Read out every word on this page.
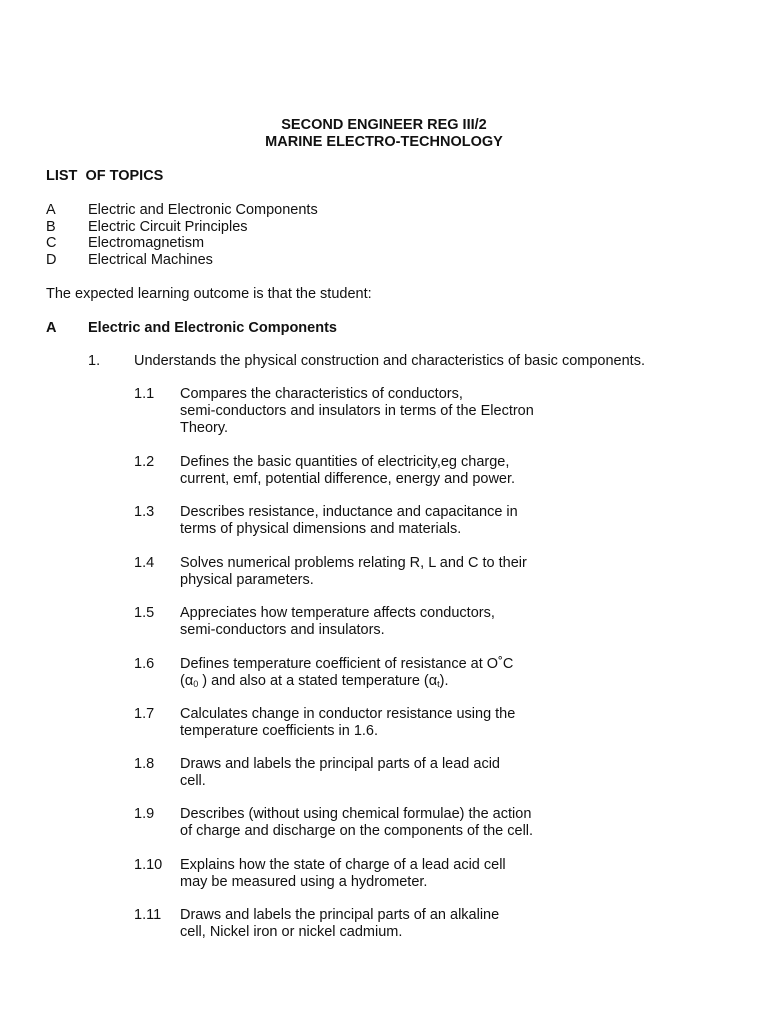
SECOND ENGINEER REG III/2
MARINE ELECTRO-TECHNOLOGY
LIST  OF TOPICS
A Electric and Electronic Components
B Electric Circuit Principles
C Electromagnetism
D Electrical Machines
The expected learning outcome is that the student:
A Electric and Electronic Components
1. Understands the physical construction and characteristics of basic components.
1.1 Compares the characteristics of conductors,
semi-conductors and insulators in terms of the Electron
Theory.
1.2 Defines the basic quantities of electricity,eg charge,
current, emf, potential difference, energy and power.
1.3 Describes resistance, inductance and capacitance in
terms of physical dimensions and materials.
1.4 Solves numerical problems relating R, L and C to their
physical parameters.
1.5 Appreciates how temperature affects conductors,
semi-conductors and insulators.
1.6 Defines temperature coefficient of resistance at O˚C
($\alpha_0$ ) and also at a stated temperature $(\alpha_t)$.
1.7 Calculates change in conductor resistance using the
temperature coefficients in 1.6.
1.8 Draws and labels the principal parts of a lead acid
cell.
1.9 Describes (without using chemical formulae) the action
of charge and discharge on the components of the cell.
1.10 Explains how the state of charge of a lead acid cell
may be measured using a hydrometer.
1.11 Draws and labels the principal parts of an alkaline
cell, Nickel iron or nickel cadmium.
